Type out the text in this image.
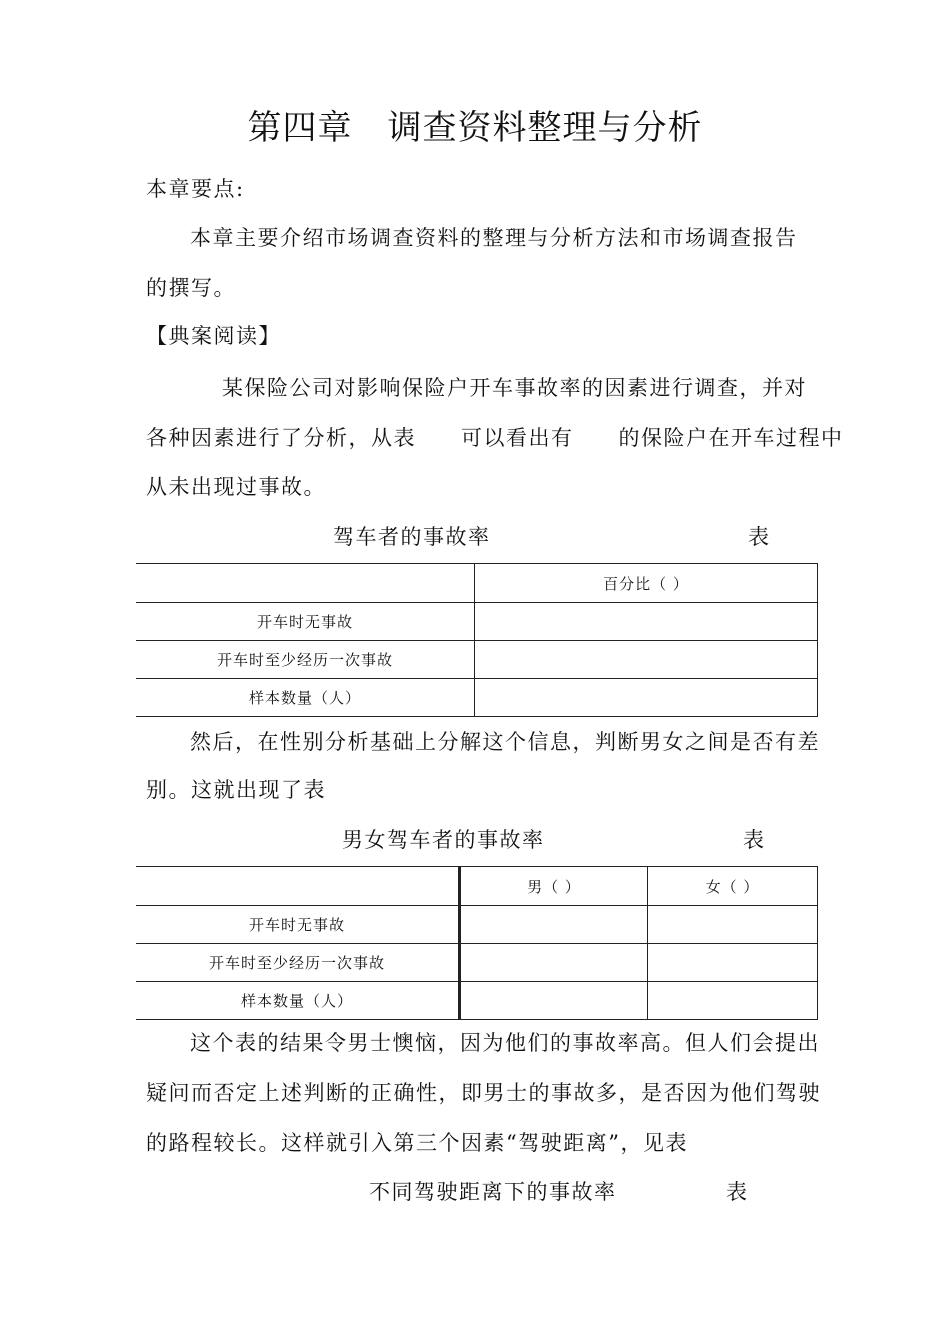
第四章　调查资料整理与分析
本章要点:
本章主要介绍市场调查资料的整理与分析方法和市场调查报告
的撰写。
【典案阅读】
某保险公司对影响保险户开车事故率的因素进行调查，并对
各种因素进行了分析，从表　　可以看出有　　的保险户在开车过程中
从未出现过事故。
驾车者的事故率	表
	百分比（ ）
开车时无事故	
开车时至少经历一次事故	
样本数量（人）	
然后，在性别分析基础上分解这个信息，判断男女之间是否有差
别。这就出现了表
男女驾车者的事故率	表
	男（ ）	女（ ）
开车时无事故		
开车时至少经历一次事故		
样本数量（人）		
这个表的结果令男士懊恼，因为他们的事故率高。但人们会提出
疑问而否定上述判断的正确性，即男士的事故多，是否因为他们驾驶
的路程较长。这样就引入第三个因素“驾驶距离”，见表
不同驾驶距离下的事故率	表
